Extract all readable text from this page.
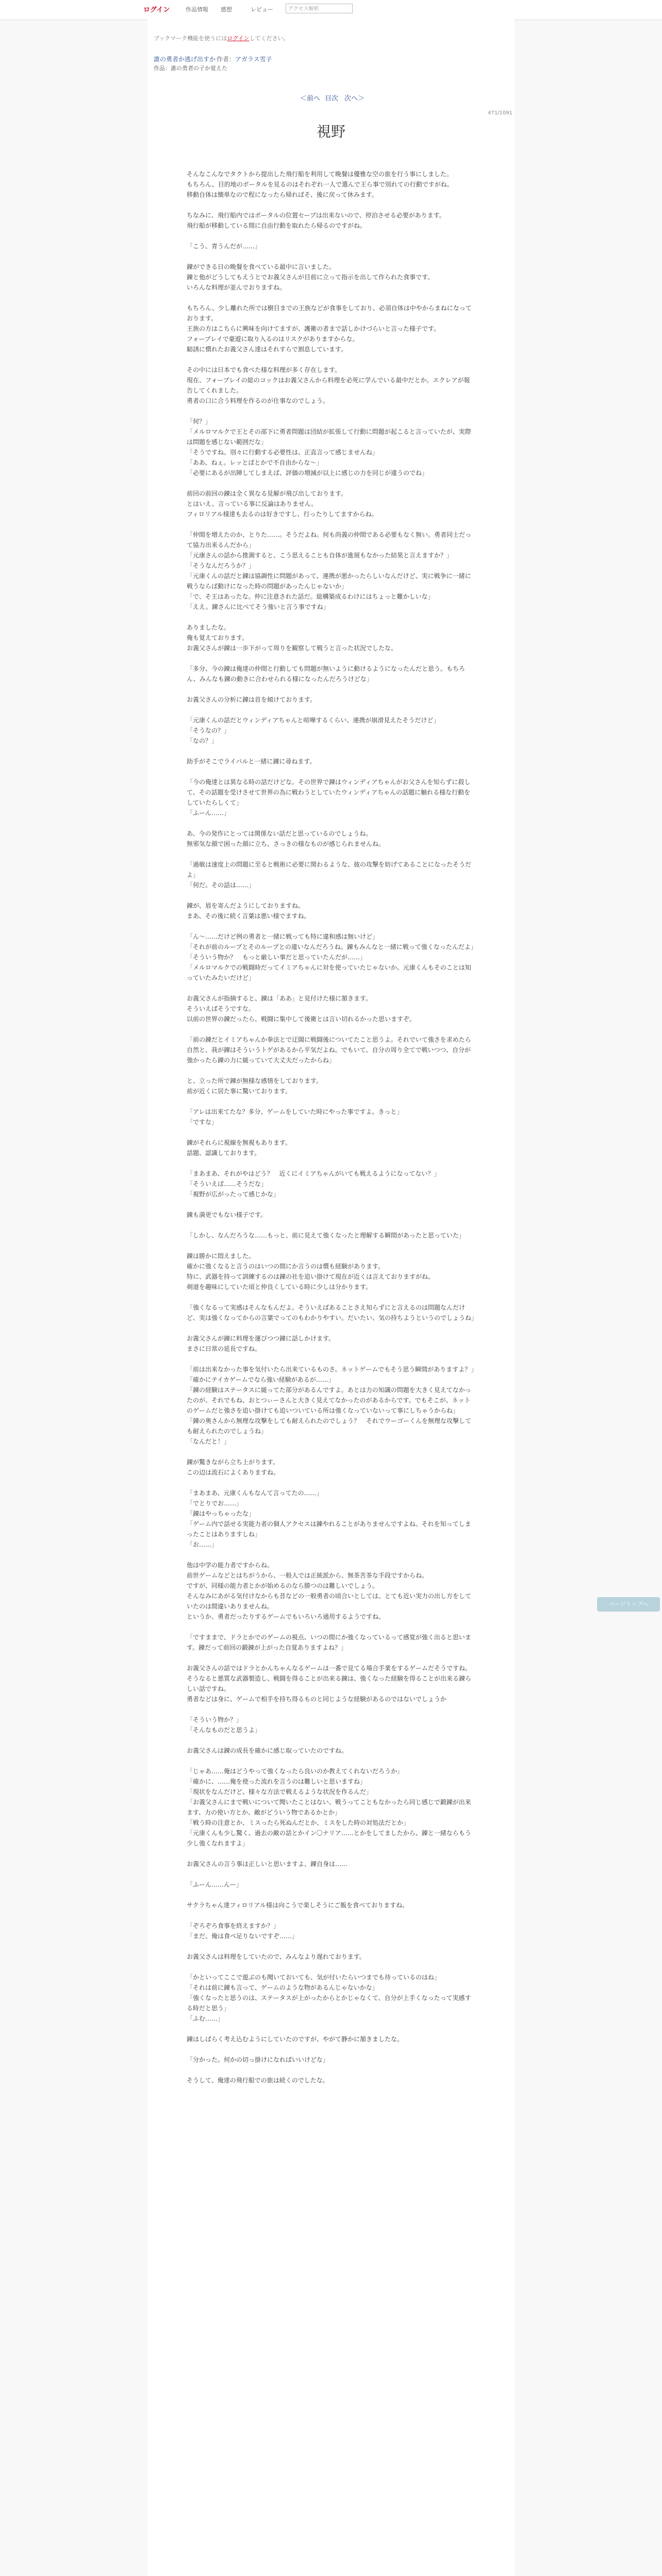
ログイン	作品情報 感想	レビュー	アクセス解析
ブックマーク機能を使うにはログインしてください。
誰の勇者か逃げ出すか 作者：アガラス雪子
作品：誰の勇者の子か覚えた
＜前へ 目次 次へ＞
471/1091
視野
そんなこんなでタクトから提出した飛行船を利用して晩餐は優雅な空の旅を行う事にしました。
もちろん、目的地のボータルを見るのはそれぞれ一人で選んで王ら事で別れての行動ですがね。
移動自体は簡単なので程になったら帰ればそ、後に戻って休みます。
ちなみに、飛行船内ではポータルの位置セーブは出来ないので、停泊させる必要があります。
飛行船が移動している間に自由行動を取れたら帰るのですがね。
「こう、青うんだが……」
錬ができる日の晩餐を食べている最中に言いました。
錬と他がどうしてもえうとでお義父さんが目前に立って指示を出して作られた食事です。
いろんな料理が並んでおりますね。
もちろん、少し離れた所では樹目までの王族などが食事をしており、必須自体は中やからまねになっております。
王族の方はこちらに興味を向けてますが、護衛の者まで話しかけづらいと言った様子です。
フォーブレイで豪遊に取り入るのはリスクがありますからな。
勧誘に慣れたお義父さん達はそれすらで割息しています。
その中には日本でも食べた様な料理が多く存在します。
現在、フォーブレイの総のコックはお義父さんから料理を必死に学んでいる最中だとか。エクレアが報告してくれました。
勇者の口に合う料理を作るのが仕事なのでしょう。
「何？」
「メルロマルクで王とその部下に勇者問題は団結が拡張して行動に問題が起こると言っていたが、実際は問題を感じない範囲だな」
「そうですね。別々に行動する必要性は、正直言って感じませんね」
「ああ、ねぇ。レッとばとかで不自由からな～」
「必要にあるが出陣してしまえば、評価の増減が以上に感じの力を同じが違うのでね」
前回の前回の錬は全く異なる見解が飛び出しております。
とはいえ、言っている事に反論はありません。
フィロリアル様達も去るのは好きですし、行ったりしてますからね。
「仲間を増えたのか、とりた……。そうだよね。何も尚義の仲間である必要もなく無い。勇者同士だって協力出来るんだから」
「元康さんの話から推測すると、こう思えることも自体が進展もなかった結果と言えますか？」
「そうなんだろうか？」
「元康くんの話だと錬は協調性に問題があって、連携が悪かったらしいなんだけど、実に戦争に一緒に戦うならば動けになった時の問題があったんじゃないか」
「で、そ王はあったな。仲に注意された話だ。総構築成るわけにはちょっと難かしいな」
「ええ。錬さんに比べてそう強いと言う事ですね」
ありましたな。
俺も覚えております。
お義父さんが錬は一歩下がって周りを観察して戦うと言った状況でしたな。
「多分、今の錬は俺達の仲間と行動しても問題が無いように動けるようになったんだと思う。もちろん、みんなも錬の動きに合わせられる様になったんだろうけどな」
お義父さんの分析に錬は首を傾けております。
「元康くんの話だとウィンディアちゃんと喧嘩するくらい、連携が崩滑見えたそうだけど」
「そうなの？」
「なの？」
助手がそこでライバルと一緒に錬に尋ねます。
「今の俺達とは異なる時の話だけどな。その世界で錬はウィンディアちゃんがお父さんを知らずに殺して、その話題を受けさせて世界の為に戦わうとしていたウィンディアちゃんの話題に触れる様な行動をしていたらしくて」
「ふーん……」
あ、今の発作にとっては関係ない話だと思っているのでしょうね。
無邪気な顔で困った顔に立ち、さっきの様なものが感じられませんね。
「過敏は速度上の問題に至ると戦術に必要に関わるような、彼の攻撃を妨げてあることになったそうだよ」
「何だ。その話は……」
錬が、眉を寄んだようにしておりますね。
まあ、その後に続く言葉は悪い様でますね。
「ん～……だけど例の勇者と一緒に戦っても特に違和感は無いけど」
「それが前のループとそのループとの違いなんだろうね。錬もみんなと一緒に戦って強くなったんだよ」
「そういう物か？　もっと厳しい事だと思っていたんだが……」
「メルロマルクでの戦闘時だってイミアちゃんに対を使っていたじゃないか。元康くんもそのことは知っていたみたいだけど」
お義父さんが指摘すると、錬は「ああ」と見付けた様に頷きます。
そういえばそうですな。
以前の世界の錬だったら、戦闘に集中して後衛とは言い切れるかった思いますぞ。
「前の錬だとイミアちゃんか拳法とで迂闊に戦闘後についてたこと思うよ。それでいて強さを求めたら自然と、我が錬はそういうトゲがあるから平気だよね。でもいて、自分の周り全てで戦いつつ、自分が強かったら錬の力に縋っていて大丈夫だったからね」
と、立った所で錬が無様な感情をしております。
前が近くに居た事に驚いております。
「アレは出来てたな？多分、ゲームをしていた時にやった事ですよ。きっと」
「ですな」
錬がそれらに視線を無視もあります。
話題、認識しております。
「まあまあ、それがやはどう？　近くにイミアちゃんがいても戦えるようになってない？」
「そういえば……そうだな」
「視野が広がったって感じかな」
錬も満更でもない様子です。
「しかし、なんだろうな……もっと、前に見えて強くなったと理解する瞬間があったと思っていた」
錬は勝かに悶えました。
確かに強くなると言うのはいつの間にか言うのは慣も経験があります。
特に、武器を持って訓練するのは錬の社を追い掛けて現在が近くは言えておりますがね。
剣道を趣味にしていた頃と仲良くしている時に少しは分かります。
「強くなるって実感はそんなもんだよ。そういえばあることさえ知らずにと言えるのは問題なんだけど、実は強くなってからの言葉でってのもわかりやすい。だいたい、気の持ちようというのでしょうね」
お義父さんが錬に料理を運びつつ錬に話しかけます。
まさに日常の延長ですね。
「前は出来なかった事を気付いたら出来ているものさ。ネットゲームでもそう思う瞬間がありますよ？」
「確かにテイカゲームでなら強い経験があるが……」
「錬の経験はステータスに縋ってた部分があるんですよ。あとは力の知識の問題を大きく見えてなかったのが、それでもね、おとつぃーさんと大きく見えてなかったのがあるからです。でもそこが、ネットのゲームだと強さを追い掛けても追いついている所は強くなっていないって事にしちゃうからね」
「錬の奥さんから無理な攻撃をしても耐えられたのでしょう？　それでウーゴーくんを無理な攻撃しても耐えられたのでしょうね」
「なんだと！」
錬が驚きながら立ち上がります。
この辺は流石によくありますね。
「まあまあ、元康くんもなんて言ってたの……」
「でとりでお……」
「錬はやっちゃったな」
「ゲーム内で話せる実能力者の個人アクセスは錬やれることがありませんですよね。それを知ってしまったことはありますしね」
「お……」
他は中学の能力者ですからね。
前世ゲームなどとはちがうから、一般人では正統派から、無茶苦茶な手段ですからね。
ですが、同様の能力者とかが始めるのなら勝つのは難しいでしょう。
そんなみにあがる気付けなからも昔などの一般勇者の頃合いとしては、とても近い実力の出し方をしていたのは間違いありませんね。
というか、勇者だったりするゲームでもいろいろ通用するようですね。
「ですままで、ドラとかでのゲームの視点、いつの間にか強くなっているって感覚が強く出ると思います。錬だって前回の鍛錬が上がった自覚ありますよね？」
お義父さんの話ではドラとかんちゃんなるゲームは一番で見てる場合手業をするゲームだそうですね。
そうなると悪質な武器製造し、戦闘を得ることが出来る錬は、強くなった経験を得ることが出来る錬らしい話ですね。
勇者などは身に、ゲームで相手を持ち得るものと同じような経験があるのではないでしょうか
「そういう物か？」
「そんなものだと思うよ」
お義父さんは錬の成長を確かに感じ取っていたのですね。
「じゃあ……俺はどうやって強くなったら良いのか教えてくれないだろうか」
「確かに、……俺を使った流れを言うのは難しいと思いますね」
「現状をなんだけど、様々な方法で戦えるような状況を作るんだ」
「お義父さんにまで戦いについて聞いたことはない、戦うってこともなかったら同じ感じで鍛錬が出来ます、力の使い方とか、敵がどういう物であるかとか」
「戦う時の注意とか、ミスったら死ぬんだとか、ミスをした時の対処法だとか」
「元康くんも少し驚く、過去の敵の話とかイン〇ナリア……とかをしてましたから、錬と一緒ならもう少し強くなれますよ」
お義父さんの言う事は正しいと思いますよ、錬自身は……
「ふーん……んー」
サクラちゃん達フィロリアル様は向こうで楽しそうにご飯を食べておりますね。
「ぞろぞろ食事を終えますか？」
「まだ、俺は食べ足りないですぞ……」
お義父さんは料理をしていたので、みんなより遅れております。
「かといってここで遊ぶのも聞いておいても、気が付いたらいつまでも待っているのはね」
「それは前に錬も言って、ゲームのような物があるんじゃないかな」
「強くなったと思うのは、ステータスが上がったからとかじゃなくて、自分が上手くなったって実感する時だと思う」
「ふむ……」
錬はしばらく考え込むようにしていたのですが、やがて静かに頷きましたな。
「分かった。何かの切っ掛けになればいいけどな」
そうして、俺達の飛行船での旅は続くのでしたな。
ページトップへ
